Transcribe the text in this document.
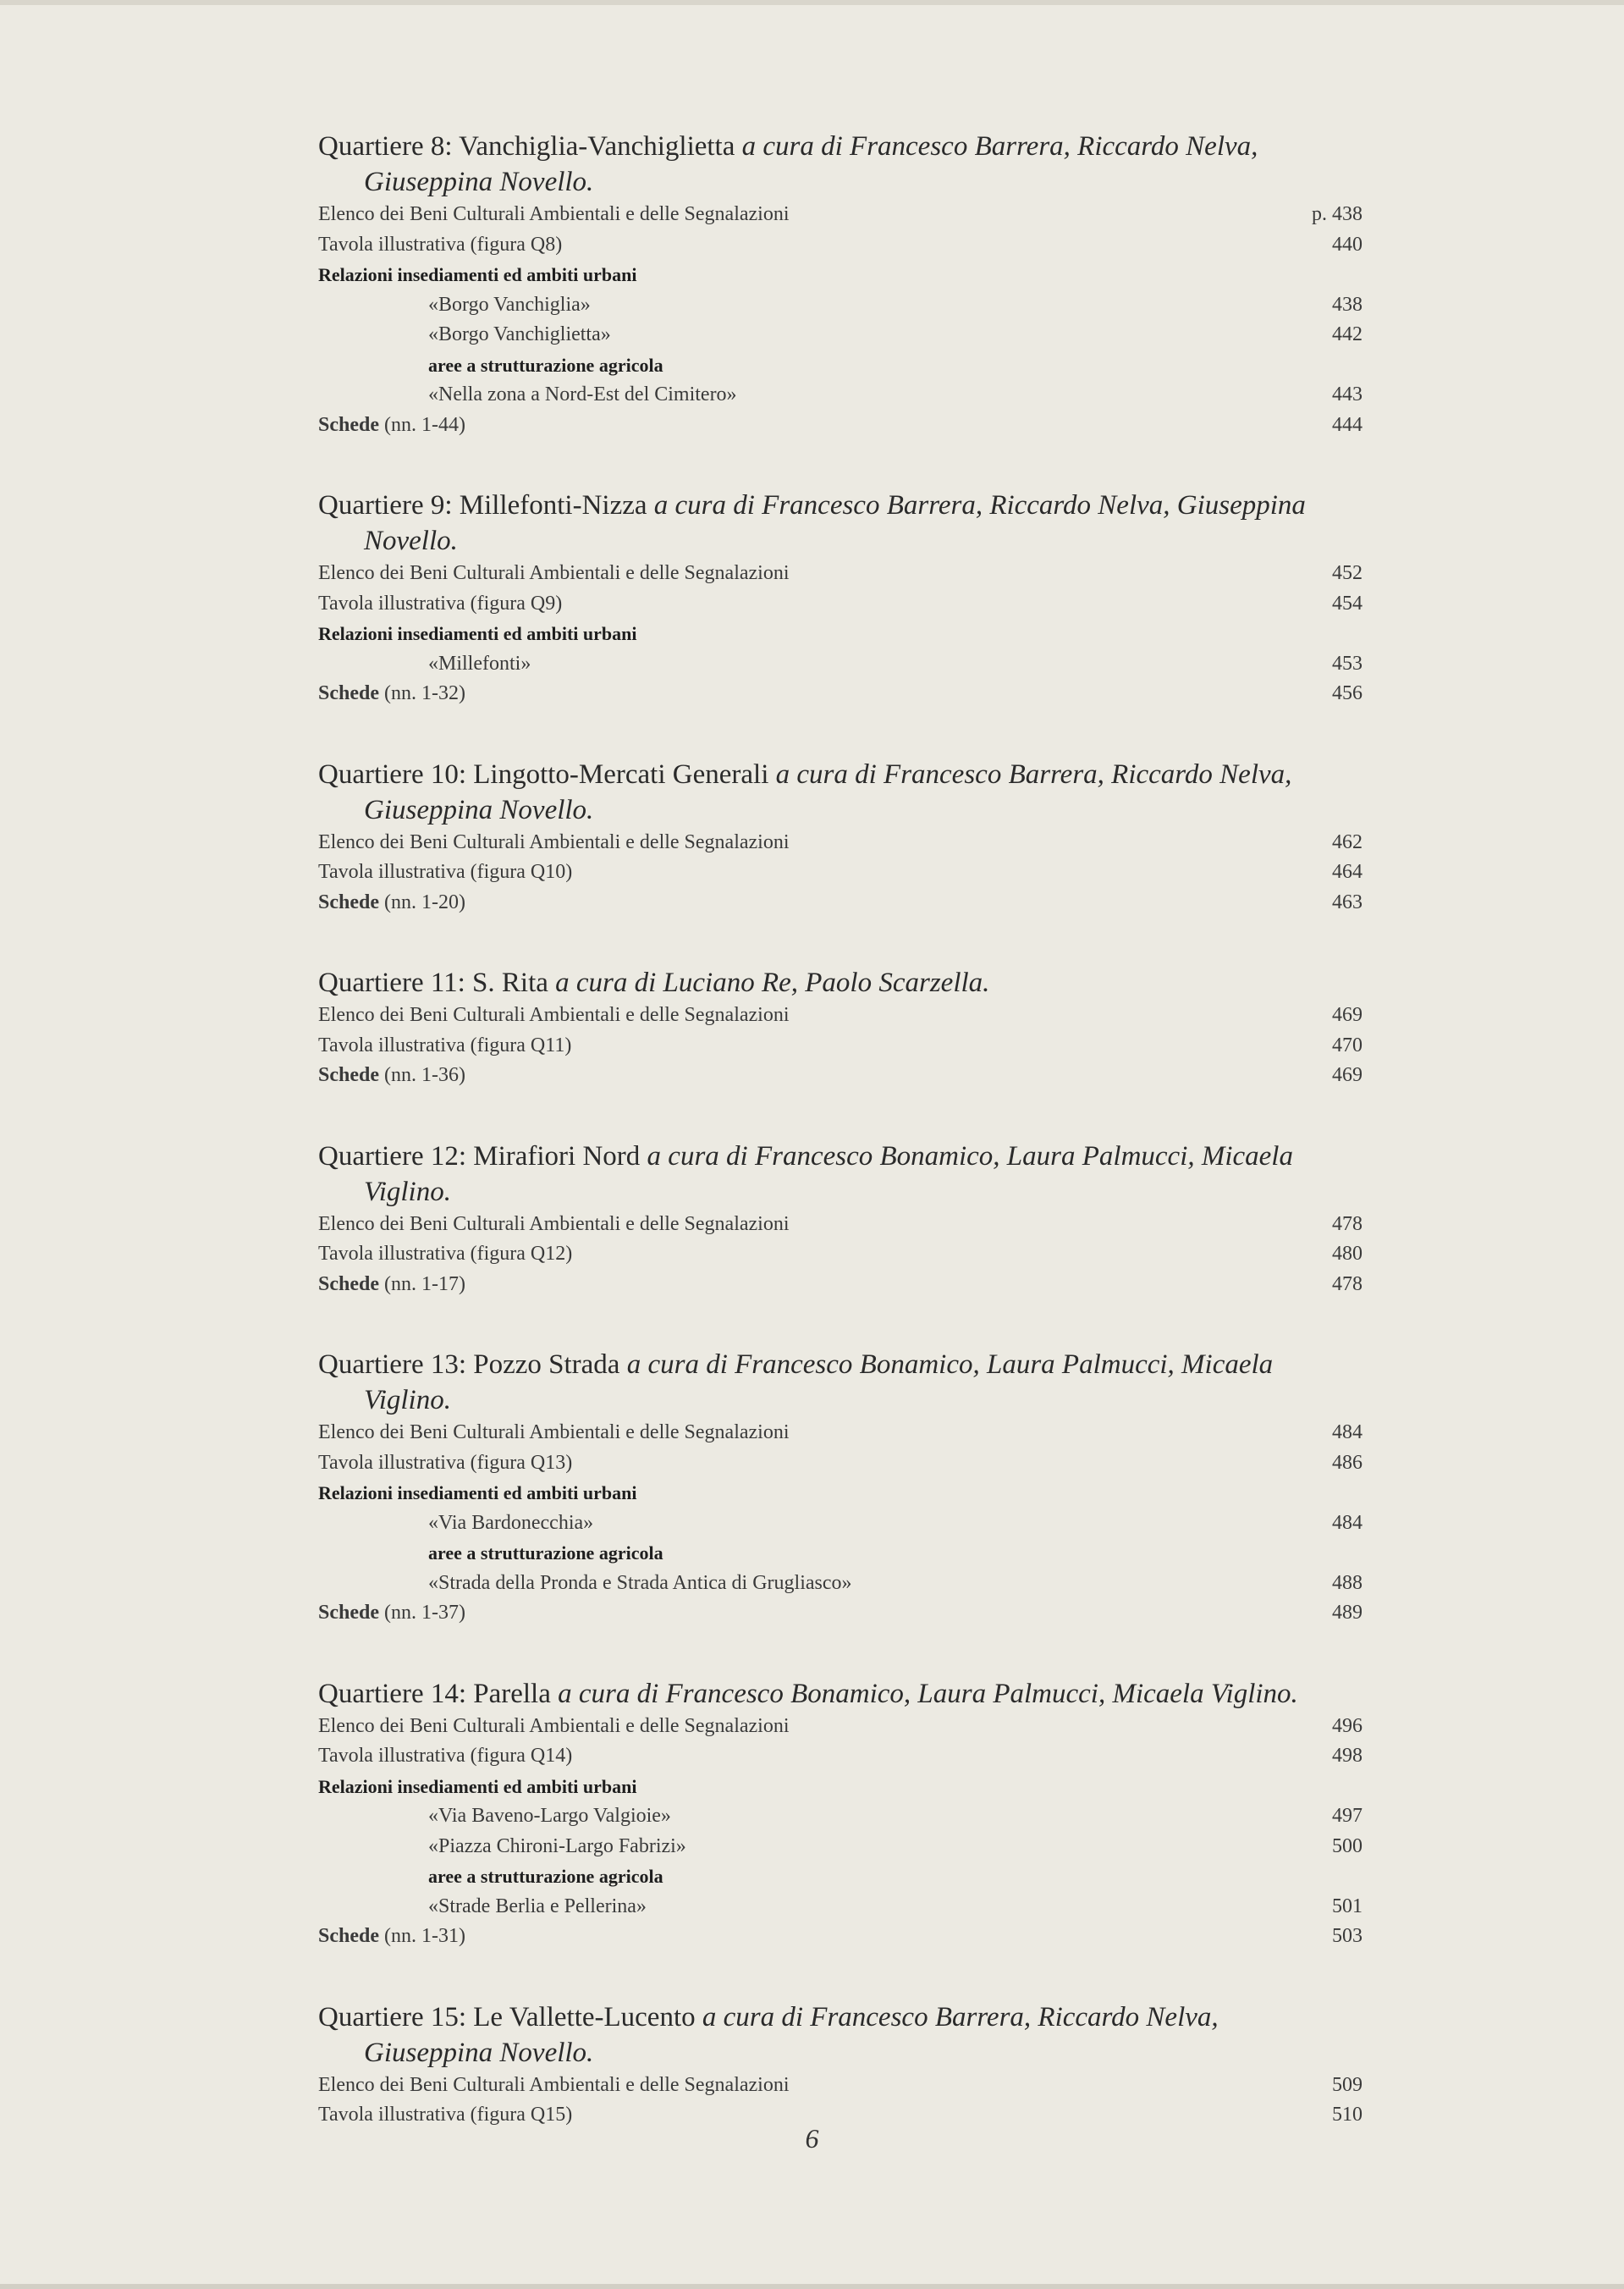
Quartiere 8: Vanchiglia-Vanchiglietta a cura di Francesco Barrera, Riccardo Nelva, Giuseppina Novello.
Elenco dei Beni Culturali Ambientali e delle Segnalazioni	p. 438
Tavola illustrativa (figura Q8)	440
Relazioni insediamenti ed ambiti urbani
«Borgo Vanchiglia»	438
«Borgo Vanchiglietta»	442
aree a strutturazione agricola
«Nella zona a Nord-Est del Cimitero»	443
Schede (nn. 1-44)	444
Quartiere 9: Millefonti-Nizza a cura di Francesco Barrera, Riccardo Nelva, Giuseppina Novello.
Elenco dei Beni Culturali Ambientali e delle Segnalazioni	452
Tavola illustrativa (figura Q9)	454
Relazioni insediamenti ed ambiti urbani
«Millefonti»	453
Schede (nn. 1-32)	456
Quartiere 10: Lingotto-Mercati Generali a cura di Francesco Barrera, Riccardo Nelva, Giuseppina Novello.
Elenco dei Beni Culturali Ambientali e delle Segnalazioni	462
Tavola illustrativa (figura Q10)	464
Schede (nn. 1-20)	463
Quartiere 11: S. Rita a cura di Luciano Re, Paolo Scarzella.
Elenco dei Beni Culturali Ambientali e delle Segnalazioni	469
Tavola illustrativa (figura Q11)	470
Schede (nn. 1-36)	469
Quartiere 12: Mirafiori Nord a cura di Francesco Bonamico, Laura Palmucci, Micaela Viglino.
Elenco dei Beni Culturali Ambientali e delle Segnalazioni	478
Tavola illustrativa (figura Q12)	480
Schede (nn. 1-17)	478
Quartiere 13: Pozzo Strada a cura di Francesco Bonamico, Laura Palmucci, Micaela Viglino.
Elenco dei Beni Culturali Ambientali e delle Segnalazioni	484
Tavola illustrativa (figura Q13)	486
Relazioni insediamenti ed ambiti urbani
«Via Bardonecchia»	484
aree a strutturazione agricola
«Strada della Pronda e Strada Antica di Grugliasco»	488
Schede (nn. 1-37)	489
Quartiere 14: Parella a cura di Francesco Bonamico, Laura Palmucci, Micaela Viglino.
Elenco dei Beni Culturali Ambientali e delle Segnalazioni	496
Tavola illustrativa (figura Q14)	498
Relazioni insediamenti ed ambiti urbani
«Via Baveno-Largo Valgioie»	497
«Piazza Chironi-Largo Fabrizi»	500
aree a strutturazione agricola
«Strade Berlia e Pellerina»	501
Schede (nn. 1-31)	503
Quartiere 15: Le Vallette-Lucento a cura di Francesco Barrera, Riccardo Nelva, Giuseppina Novello.
Elenco dei Beni Culturali Ambientali e delle Segnalazioni	509
Tavola illustrativa (figura Q15)	510
6
